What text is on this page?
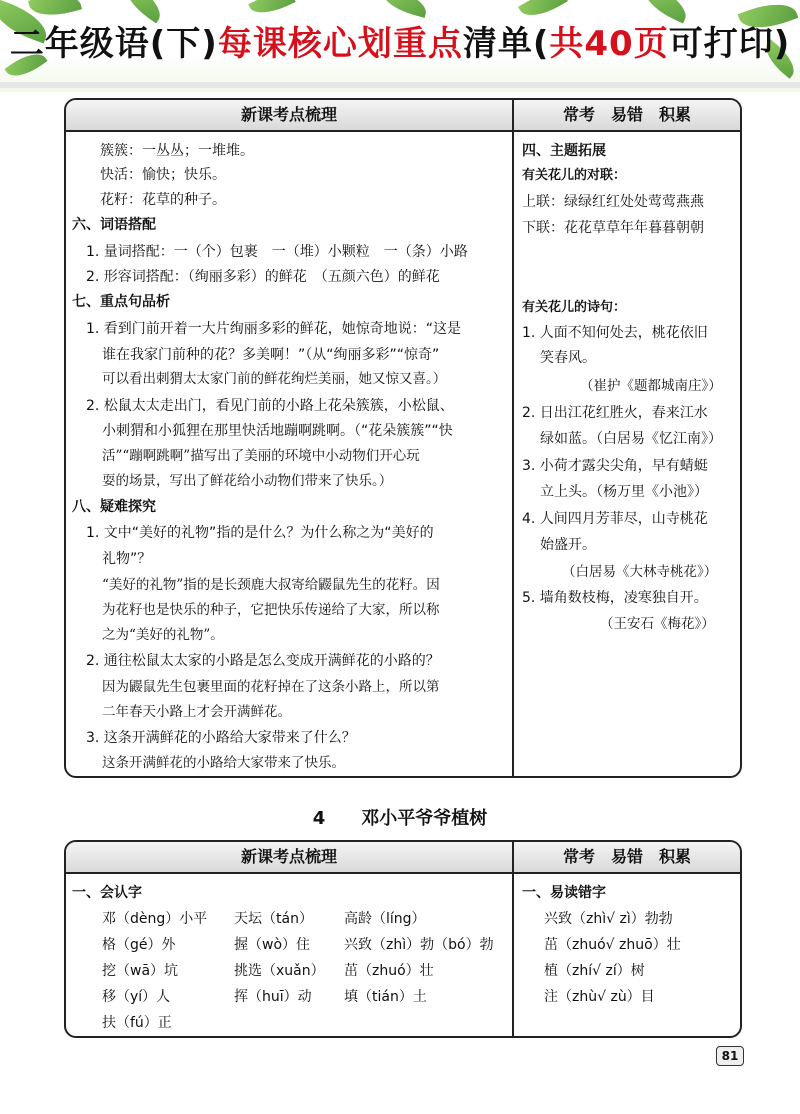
二年级语(下)每课核心划重点清单(共40页可打印)
新课考点梳理	常考　易错　积累
簇簇：一丛丛；一堆堆。
快活：愉快；快乐。
花籽：花草的种子。
六、词语搭配
1. 量词搭配：一（个）包裹　一（堆）小颗粒　一（条）小路
2. 形容词搭配：（绚丽多彩）的鲜花　（五颜六色）的鲜花
七、重点句品析
1. 看到门前开着一大片绚丽多彩的鲜花，她惊奇地说：“这是
谁在我家门前种的花？多美啊！”（从“绚丽多彩”“惊奇”
可以看出刺猬太太家门前的鲜花绚烂美丽，她又惊又喜。）
2. 松鼠太太走出门，看见门前的小路上花朵簇簇，小松鼠、
小刺猬和小狐狸在那里快活地蹦啊跳啊。（“花朵簇簇”“快
活”“蹦啊跳啊”描写出了美丽的环境中小动物们开心玩
耍的场景，写出了鲜花给小动物们带来了快乐。）
八、疑难探究
1. 文中“美好的礼物”指的是什么？为什么称之为“美好的
礼物”？
“美好的礼物”指的是长颈鹿大叔寄给鼹鼠先生的花籽。因
为花籽也是快乐的种子，它把快乐传递给了大家，所以称
之为“美好的礼物”。
2. 通往松鼠太太家的小路是怎么变成开满鲜花的小路的？
因为鼹鼠先生包裹里面的花籽掉在了这条小路上，所以第
二年春天小路上才会开满鲜花。
3. 这条开满鲜花的小路给大家带来了什么？
这条开满鲜花的小路给大家带来了快乐。
四、主题拓展
有关花儿的对联：
上联：绿绿红红处处莺莺燕燕
下联：花花草草年年暮暮朝朝
有关花儿的诗句：
1. 人面不知何处去，桃花依旧
笑春风。
（崔护《题都城南庄》）
2. 日出江花红胜火，春来江水
绿如蓝。（白居易《忆江南》）
3. 小荷才露尖尖角，早有蜻蜓
立上头。（杨万里《小池》）
4. 人间四月芳菲尽，山寺桃花
始盛开。
（白居易《大林寺桃花》）
5. 墙角数枝梅，凌寒独自开。
（王安石《梅花》）
4　　 邓小平爷爷植树
新课考点梳理	常考　易错　积累
一、会认字
邓（dèng）小平
格（gé）外
挖（wā）坑
移（yí）人
扶（fú）正
天坛（tán）
握（wò）住
挑选（xuǎn）
挥（huī）动
高龄（líng）
兴致（zhì）勃（bó）勃
茁（zhuó）壮
填（tián）土
一、易读错字
兴致（zhì√ zì）勃勃
茁（zhuó√ zhuō）壮
植（zhí√ zí）树
注（zhù√ zù）目
81
